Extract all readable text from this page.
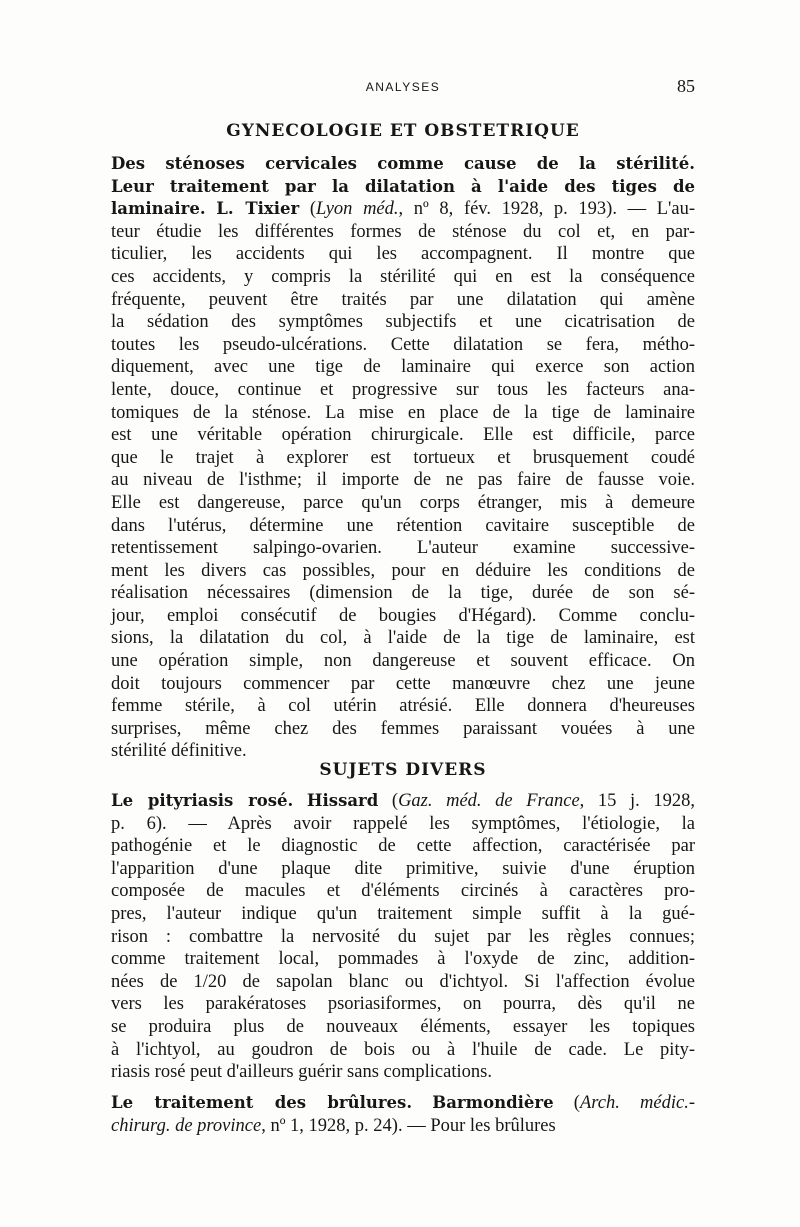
ANALYSES	85
GYNECOLOGIE ET OBSTETRIQUE
Des sténoses cervicales comme cause de la stérilité.
Leur traitement par la dilatation à l'aide des tiges de
laminaire. L. Tixier (Lyon méd., nº 8, fév. 1928, p. 193). — L'au-
teur étudie les différentes formes de sténose du col et, en par-
ticulier, les accidents qui les accompagnent. Il montre que
ces accidents, y compris la stérilité qui en est la conséquence
fréquente, peuvent être traités par une dilatation qui amène
la sédation des symptômes subjectifs et une cicatrisation de
toutes les pseudo-ulcérations. Cette dilatation se fera, métho-
diquement, avec une tige de laminaire qui exerce son action
lente, douce, continue et progressive sur tous les facteurs ana-
tomiques de la sténose. La mise en place de la tige de laminaire
est une véritable opération chirurgicale. Elle est difficile, parce
que le trajet à explorer est tortueux et brusquement coudé
au niveau de l'isthme; il importe de ne pas faire de fausse voie.
Elle est dangereuse, parce qu'un corps étranger, mis à demeure
dans l'utérus, détermine une rétention cavitaire susceptible de
retentissement salpingo-ovarien. L'auteur examine successive-
ment les divers cas possibles, pour en déduire les conditions de
réalisation nécessaires (dimension de la tige, durée de son sé-
jour, emploi consécutif de bougies d'Hégard). Comme conclu-
sions, la dilatation du col, à l'aide de la tige de laminaire, est
une opération simple, non dangereuse et souvent efficace. On
doit toujours commencer par cette manœuvre chez une jeune
femme stérile, à col utérin atrésié. Elle donnera d'heureuses
surprises, même chez des femmes paraissant vouées à une
stérilité définitive.
SUJETS DIVERS
Le pityriasis rosé. Hissard (Gaz. méd. de France, 15 j. 1928,
p. 6). — Après avoir rappelé les symptômes, l'étiologie, la
pathogénie et le diagnostic de cette affection, caractérisée par
l'apparition d'une plaque dite primitive, suivie d'une éruption
composée de macules et d'éléments circinés à caractères pro-
pres, l'auteur indique qu'un traitement simple suffit à la gué-
rison : combattre la nervosité du sujet par les règles connues;
comme traitement local, pommades à l'oxyde de zinc, addition-
nées de 1/20 de sapolan blanc ou d'ichtyol. Si l'affection évolue
vers les parakératoses psoriasiformes, on pourra, dès qu'il ne
se produira plus de nouveaux éléments, essayer les topiques
à l'ichtyol, au goudron de bois ou à l'huile de cade. Le pity-
riasis rosé peut d'ailleurs guérir sans complications.
Le traitement des brûlures. Barmondière (Arch. médic.-
chirurg. de province, nº 1, 1928, p. 24). — Pour les brûlures
